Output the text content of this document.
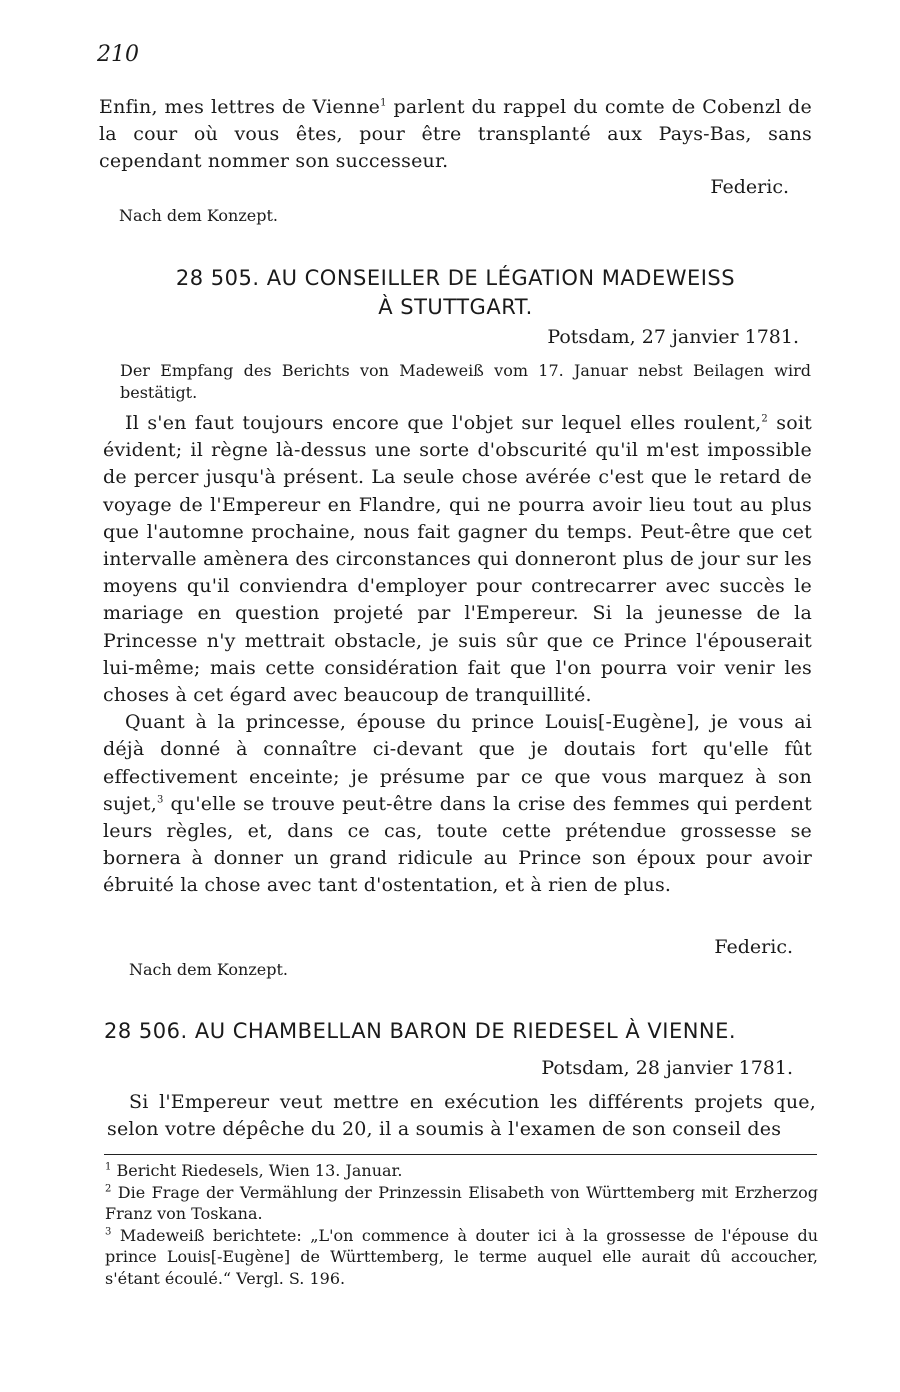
210

Enfin, mes lettres de Vienne$^1$ parlent du rappel du comte de Cobenzl de la cour où vous êtes, pour être transplanté aux Pays-Bas, sans cependant nommer son successeur.

Federic.
Nach dem Konzept.
28 505. AU CONSEILLER DE LÉGATION MADEWEISS
À STUTTGART.
Potsdam, 27 janvier 1781.
Der Empfang des Berichts von Madeweiß vom 17. Januar nebst Beilagen wird bestätigt.

Il s'en faut toujours encore que l'objet sur lequel elles roulent,$^2$ soit évident; il règne là-dessus une sorte d'obscurité qu'il m'est impossible de percer jusqu'à présent. La seule chose avérée c'est que le retard de voyage de l'Empereur en Flandre, qui ne pourra avoir lieu tout au plus que l'automne prochaine, nous fait gagner du temps. Peut-être que cet intervalle amènera des circonstances qui donneront plus de jour sur les moyens qu'il conviendra d'employer pour contrecarrer avec succès le mariage en question projeté par l'Empereur. Si la jeunesse de la Princesse n'y mettrait obstacle, je suis sûr que ce Prince l'épouserait lui-même; mais cette considération fait que l'on pourra voir venir les choses à cet égard avec beaucoup de tranquillité.

Quant à la princesse, épouse du prince Louis[-Eugène], je vous ai déjà donné à connaître ci-devant que je doutais fort qu'elle fût effectivement enceinte; je présume par ce que vous marquez à son sujet,$^3$ qu'elle se trouve peut-être dans la crise des femmes qui perdent leurs règles, et, dans ce cas, toute cette prétendue grossesse se bornera à donner un grand ridicule au Prince son époux pour avoir ébruité la chose avec tant d'ostentation, et à rien de plus.

Federic.
Nach dem Konzept.
28 506. AU CHAMBELLAN BARON DE RIEDESEL À VIENNE.
Potsdam, 28 janvier 1781.

Si l'Empereur veut mettre en exécution les différents projets que, selon votre dépêche du 20, il a soumis à l'examen de son conseil des

$^1$ Bericht Riedesels, Wien 13. Januar.

$^2$ Die Frage der Vermählung der Prinzessin Elisabeth von Württemberg mit Erzherzog Franz von Toskana.

$^3$ Madeweiß berichtete: „L'on commence à douter ici à la grossesse de l'épouse du prince Louis[-Eugène] de Württemberg, le terme auquel elle aurait dû accoucher, s'étant écoulé.“ Vergl. S. 196.
